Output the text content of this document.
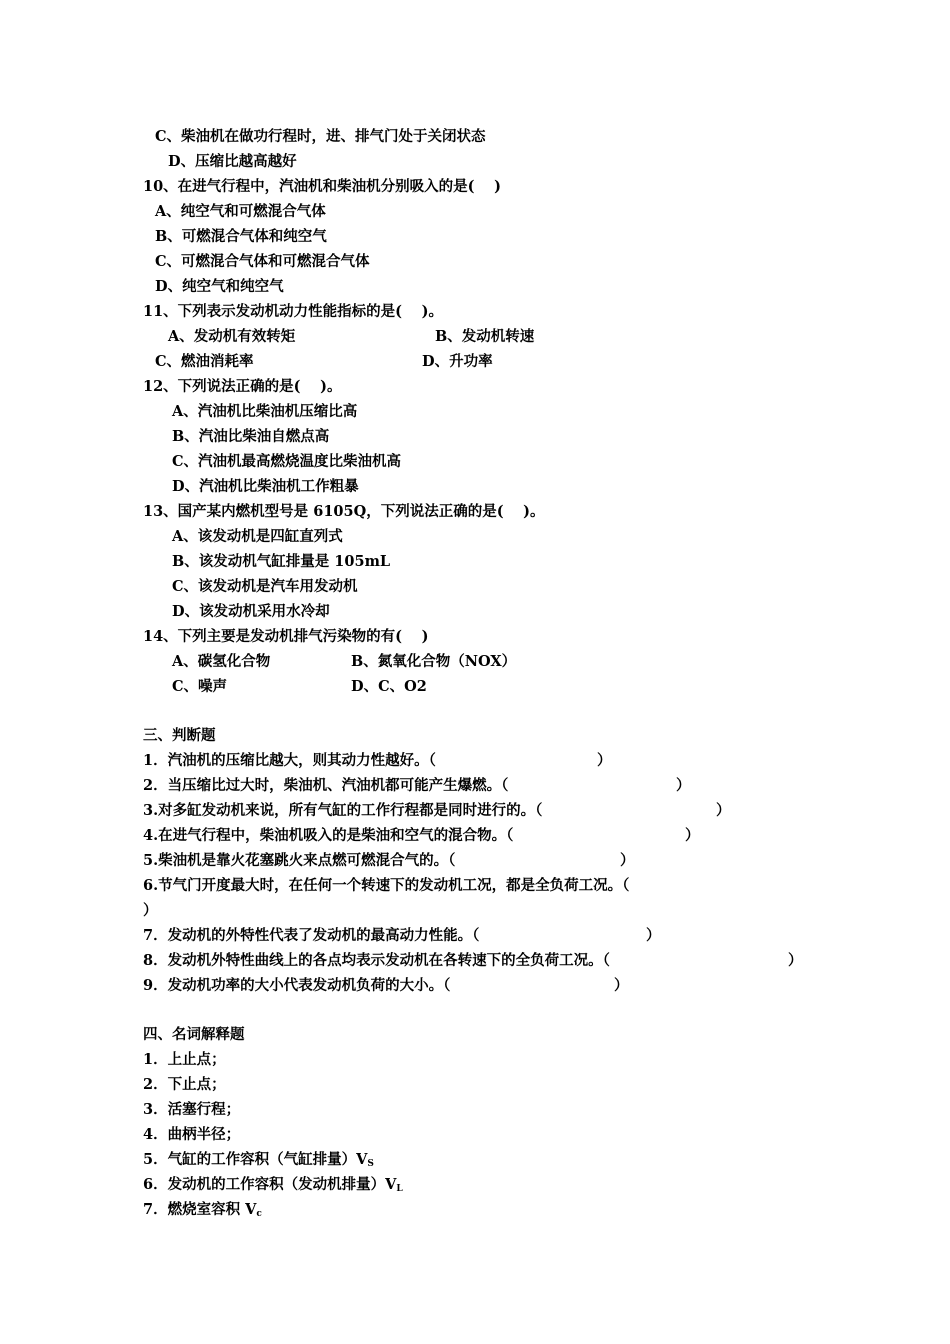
C、柴油机在做功行程时，进、排气门处于关闭状态
D、压缩比越高越好
10、在进气行程中，汽油机和柴油机分别吸入的是(　 )
A、纯空气和可燃混合气体
B、可燃混合气体和纯空气
C、可燃混合气体和可燃混合气体
D、纯空气和纯空气
11、下列表示发动机动力性能指标的是(　 )。
A、发动机有效转矩	B、发动机转速
C、燃油消耗率	D、升功率
12、下列说法正确的是(　 )。
A、汽油机比柴油机压缩比高
B、汽油比柴油自燃点高
C、汽油机最高燃烧温度比柴油机高
D、汽油机比柴油机工作粗暴
13、国产某内燃机型号是 6105Q，下列说法正确的是(　 )。
A、该发动机是四缸直列式
B、该发动机气缸排量是 105mL
C、该发动机是汽车用发动机
D、该发动机采用水冷却
14、下列主要是发动机排气污染物的有(　 )
A、碳氢化合物	B、氮氧化合物（NOX）
C、噪声	D、C、O2
三、判断题
1．汽油机的压缩比越大，则其动力性越好。（	）
2．当压缩比过大时，柴油机、汽油机都可能产生爆燃。（	）
3.对多缸发动机来说，所有气缸的工作行程都是同时进行的。（	）
4.在进气行程中，柴油机吸入的是柴油和空气的混合物。（	）
5.柴油机是靠火花塞跳火来点燃可燃混合气的。（	）
6.节气门开度最大时，在任何一个转速下的发动机工况，都是全负荷工况。（
）
7．发动机的外特性代表了发动机的最高动力性能。（	）
8．发动机外特性曲线上的各点均表示发动机在各转速下的全负荷工况。（	）
9．发动机功率的大小代表发动机负荷的大小。（	）
四、名词解释题
1．上止点；
2．下止点；
3．活塞行程；
4．曲柄半径；
5．气缸的工作容积（气缸排量）$V_S$
6．发动机的工作容积（发动机排量）$V_L$
7．燃烧室容积 $V_c$
